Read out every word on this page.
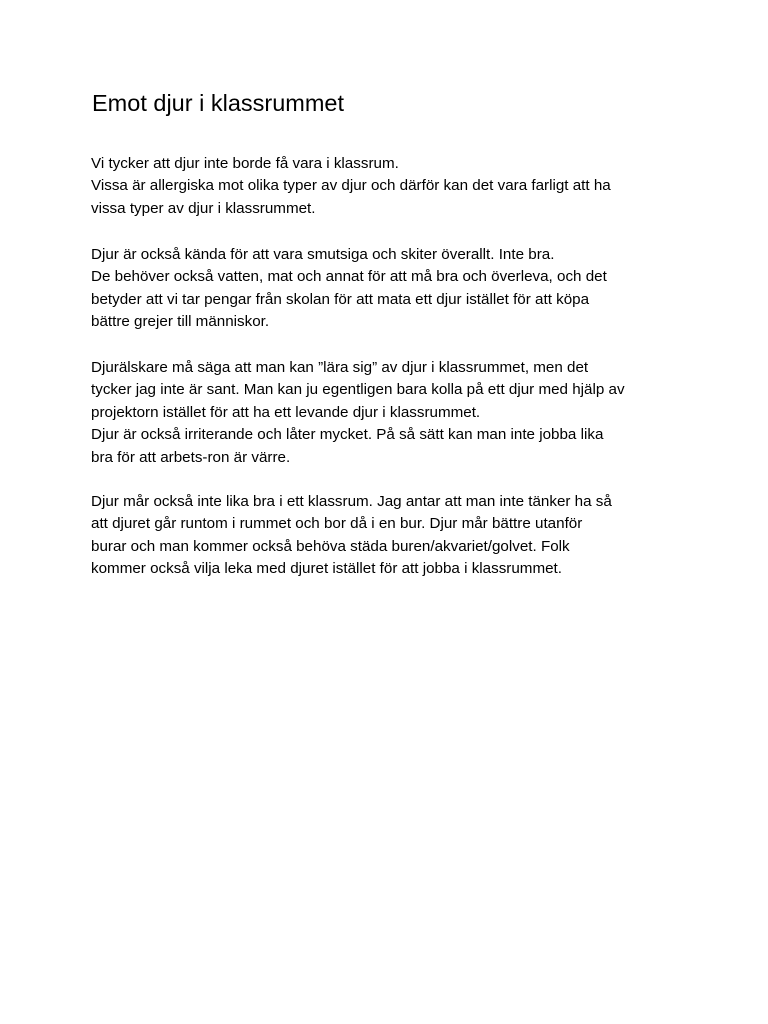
Emot djur i klassrummet
Vi tycker att djur inte borde få vara i klassrum.
Vissa är allergiska mot olika typer av djur och därför kan det vara farligt att ha
vissa typer av djur i klassrummet.
Djur är också kända för att vara smutsiga och skiter överallt. Inte bra.
De behöver också vatten, mat och annat för att må bra och överleva, och det
betyder att vi tar pengar från skolan för att mata ett djur istället för att köpa
bättre grejer till människor.
Djurälskare må säga att man kan ”lära sig” av djur i klassrummet, men det
tycker jag inte är sant. Man kan ju egentligen bara kolla på ett djur med hjälp av
projektorn istället för att ha ett levande djur i klassrummet.
Djur är också irriterande och låter mycket. På så sätt kan man inte jobba lika
bra för att arbets-ron är värre.
Djur mår också inte lika bra i ett klassrum. Jag antar att man inte tänker ha så
att djuret går runtom i rummet och bor då i en bur. Djur mår bättre utanför
burar och man kommer också behöva städa buren/akvariet/golvet. Folk
kommer också vilja leka med djuret istället för att jobba i klassrummet.
